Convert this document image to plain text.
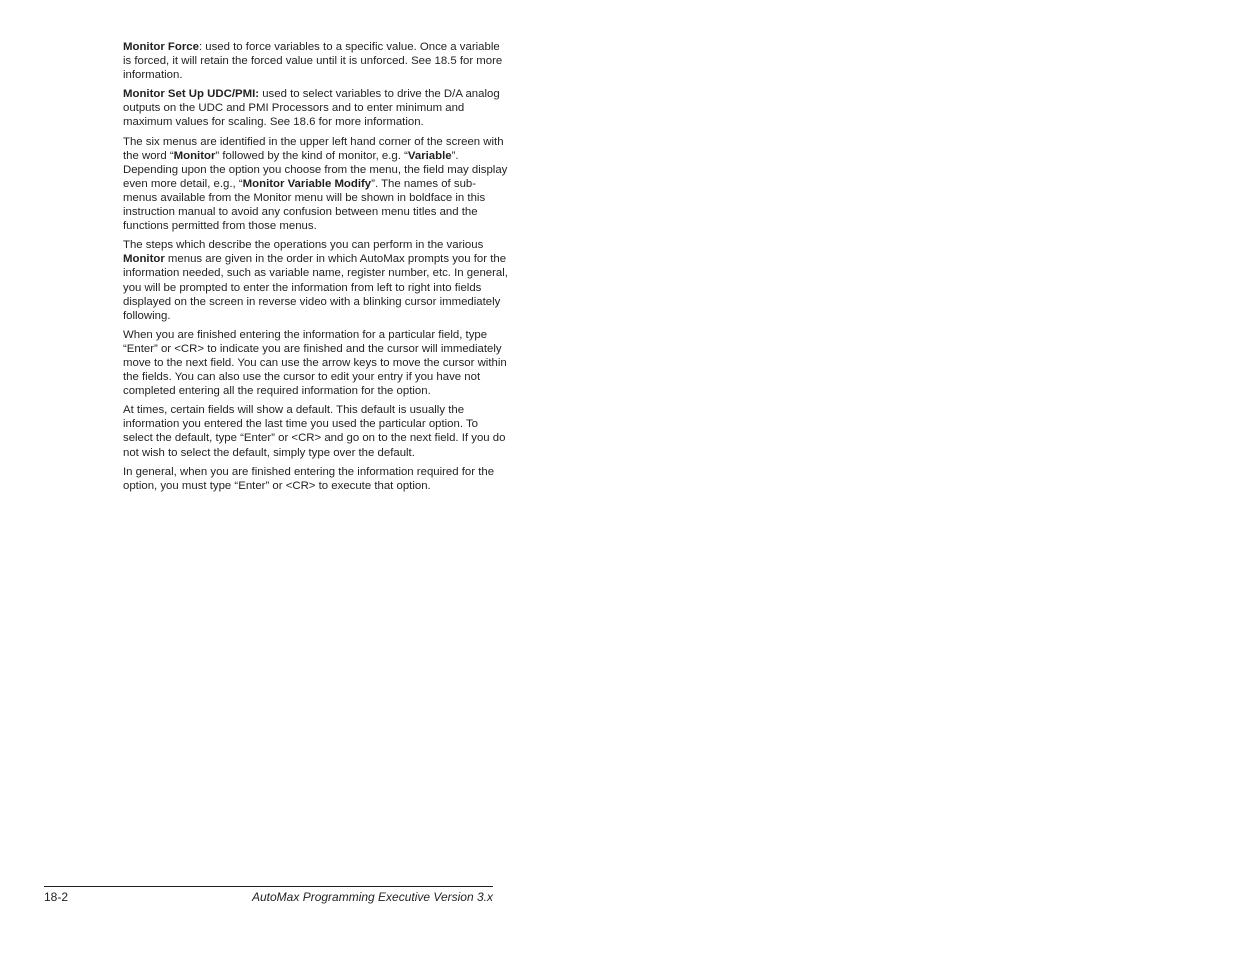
Monitor Force: used to force variables to a specific value. Once a variable is forced, it will retain the forced value until it is unforced. See 18.5 for more information.

Monitor Set Up UDC/PMI: used to select variables to drive the D/A analog outputs on the UDC and PMI Processors and to enter minimum and maximum values for scaling. See 18.6 for more information.

The six menus are identified in the upper left hand corner of the screen with the word “Monitor” followed by the kind of monitor, e.g. “Variable”. Depending upon the option you choose from the menu, the field may display even more detail, e.g., “Monitor Variable Modify”. The names of sub-menus available from the Monitor menu will be shown in boldface in this instruction manual to avoid any confusion between menu titles and the functions permitted from those menus.

The steps which describe the operations you can perform in the various Monitor menus are given in the order in which AutoMax prompts you for the information needed, such as variable name, register number, etc. In general, you will be prompted to enter the information from left to right into fields displayed on the screen in reverse video with a blinking cursor immediately following.

When you are finished entering the information for a particular field, type “Enter” or <CR> to indicate you are finished and the cursor will immediately move to the next field. You can use the arrow keys to move the cursor within the fields. You can also use the cursor to edit your entry if you have not completed entering all the required information for the option.

At times, certain fields will show a default. This default is usually the information you entered the last time you used the particular option. To select the default, type “Enter” or <CR> and go on to the next field. If you do not wish to select the default, simply type over the default.

In general, when you are finished entering the information required for the option, you must type “Enter” or <CR> to execute that option.

18-2	AutoMax Programming Executive Version 3.x
